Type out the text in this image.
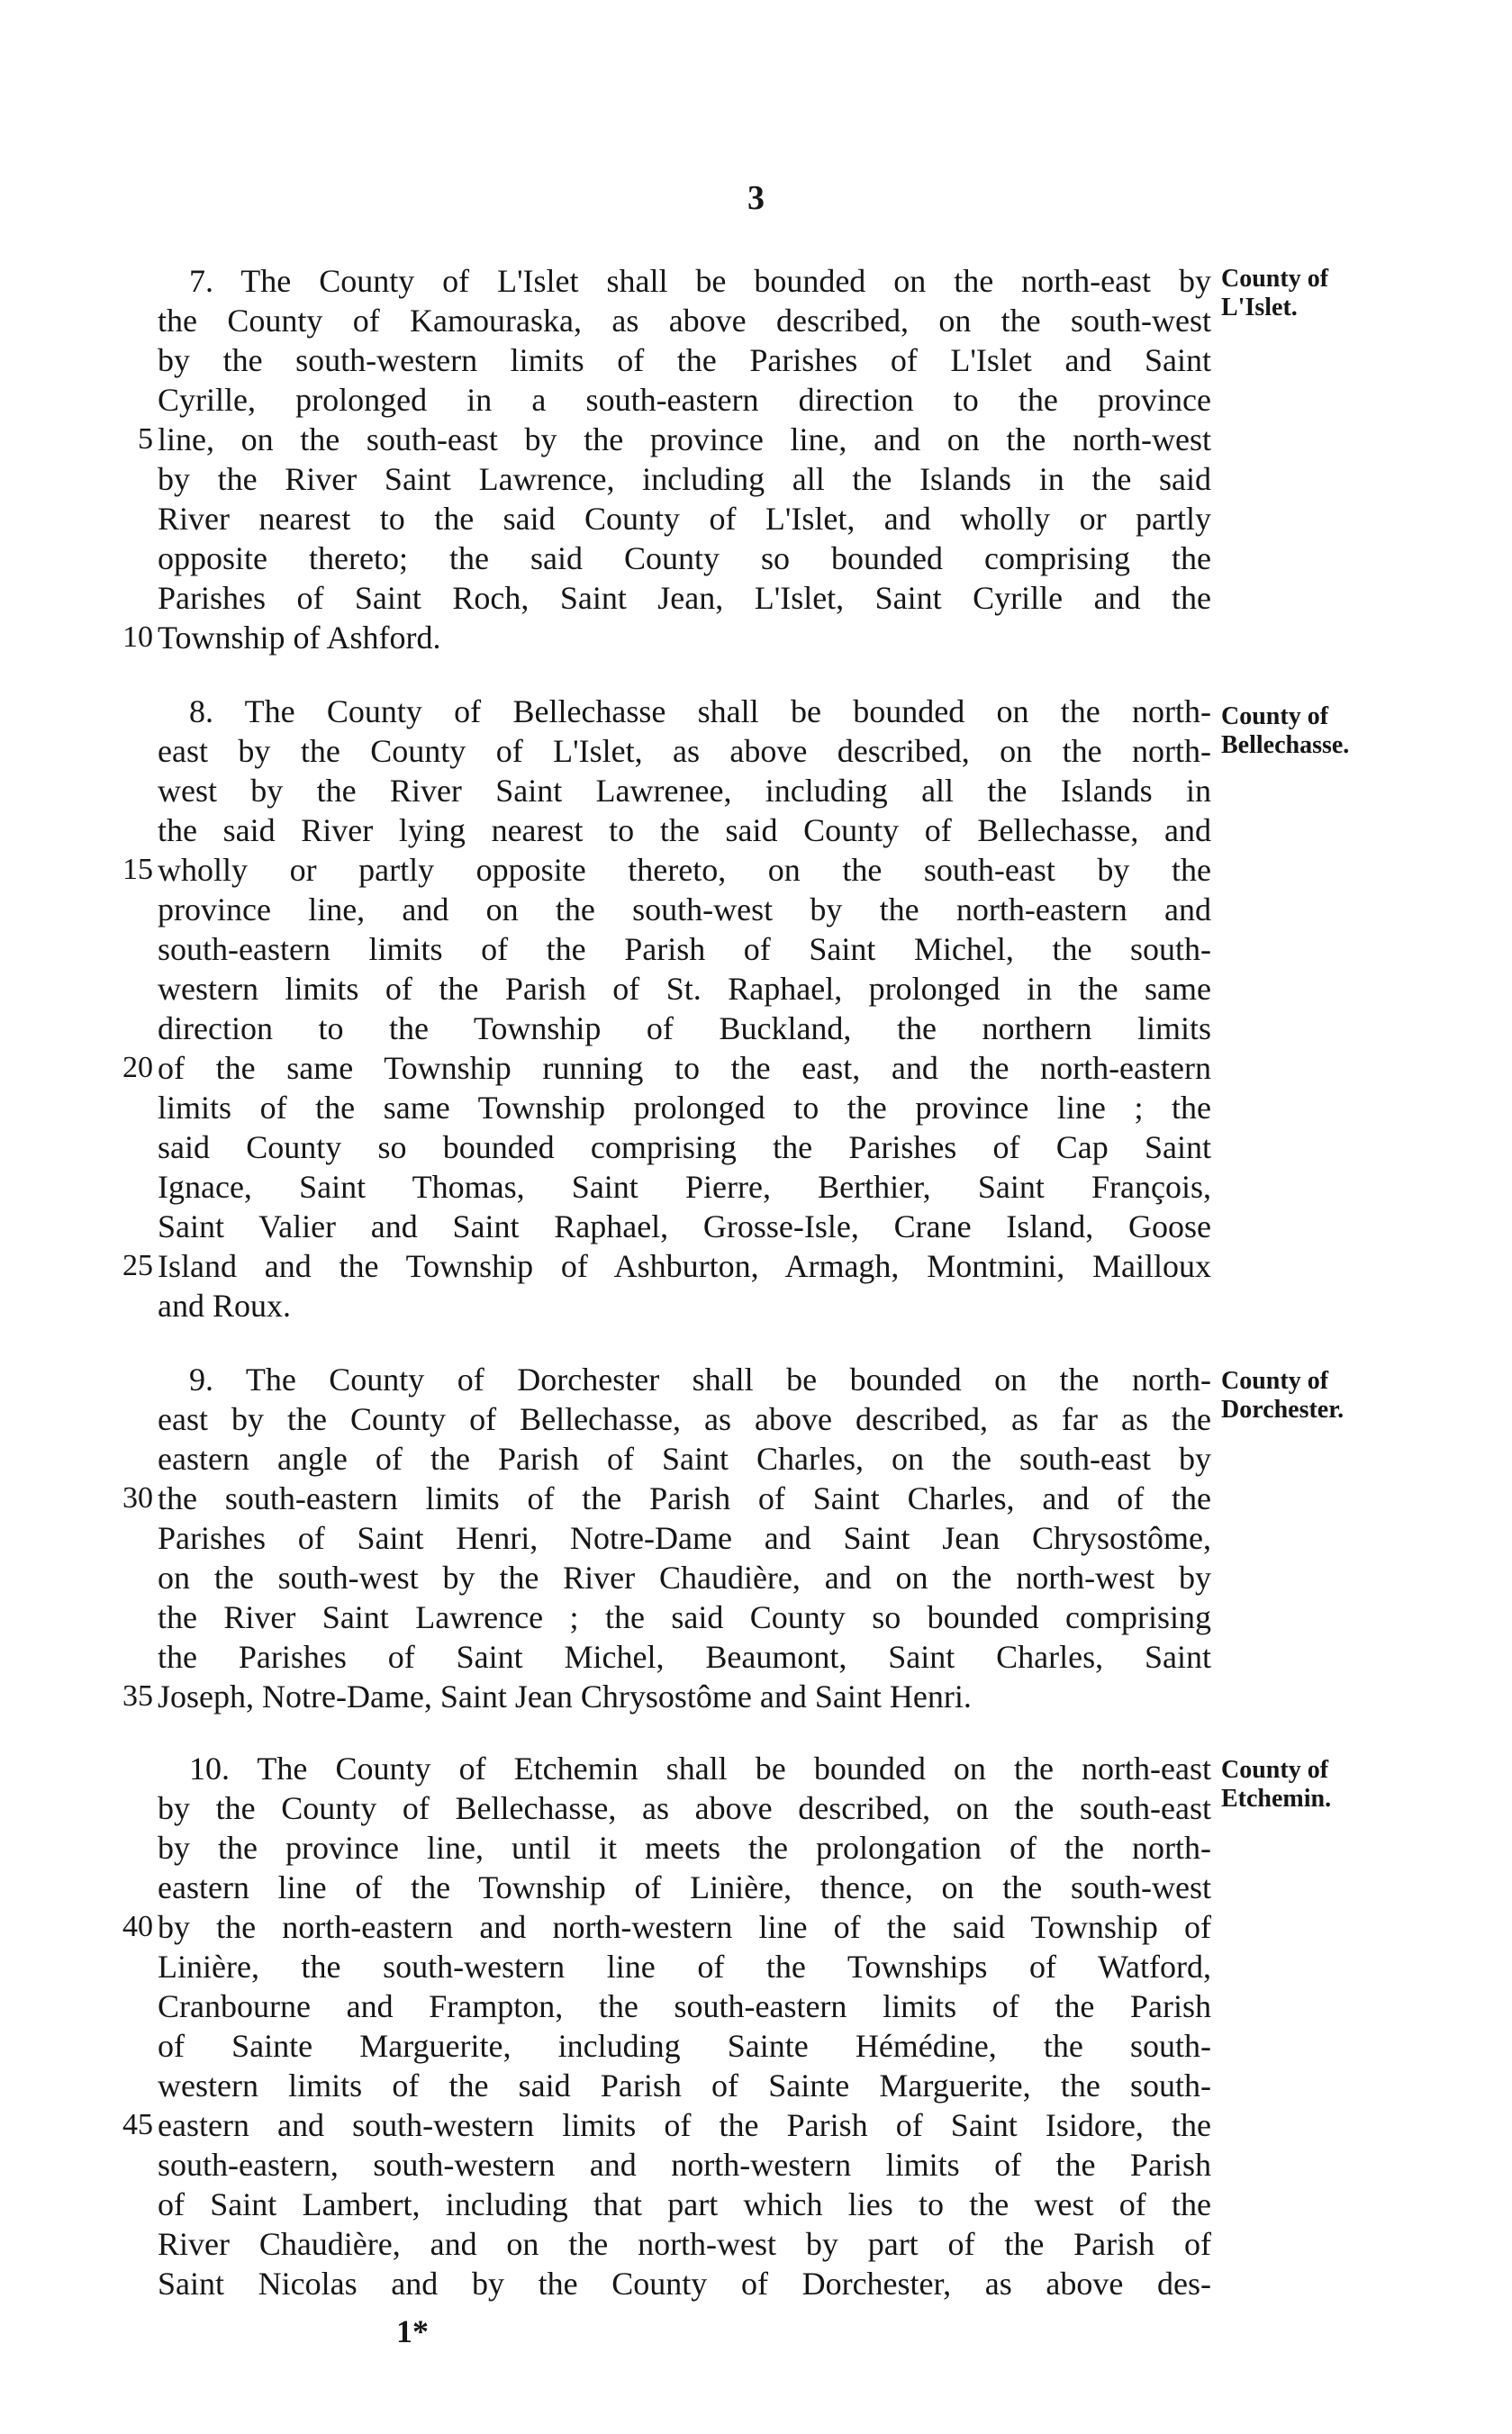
3
County of
L'Islet.
7. The County of L'Islet shall be bounded on the north-east by
the County of Kamouraska, as above described, on the south-west
by the south-western limits of the Parishes of L'Islet and Saint
Cyrille, prolonged in a south-eastern direction to the province
5 line, on the south-east by the province line, and on the north-west
by the River Saint Lawrence, including all the Islands in the said
River nearest to the said County of L'Islet, and wholly or partly
opposite thereto; the said County so bounded comprising the
Parishes of Saint Roch, Saint Jean, L'Islet, Saint Cyrille and the
10 Township of Ashford.
County of
Bellechasse.
8. The County of Bellechasse shall be bounded on the north-
east by the County of L'Islet, as above described, on the north-
west by the River Saint Lawrenee, including all the Islands in
the said River lying nearest to the said County of Bellechasse, and
15 wholly or partly opposite thereto, on the south-east by the
province line, and on the south-west by the north-eastern and
south-eastern limits of the Parish of Saint Michel, the south-
western limits of the Parish of St. Raphael, prolonged in the same
direction to the Township of Buckland, the northern limits
20 of the same Township running to the east, and the north-eastern
limits of the same Township prolonged to the province line ; the
said County so bounded comprising the Parishes of Cap Saint
Ignace, Saint Thomas, Saint Pierre, Berthier, Saint François,
Saint Valier and Saint Raphael, Grosse-Isle, Crane Island, Goose
25 Island and the Township of Ashburton, Armagh, Montmini, Mailloux
and Roux.
County of
Dorchester.
9. The County of Dorchester shall be bounded on the north-
east by the County of Bellechasse, as above described, as far as the
eastern angle of the Parish of Saint Charles, on the south-east by
30 the south-eastern limits of the Parish of Saint Charles, and of the
Parishes of Saint Henri, Notre-Dame and Saint Jean Chrysostôme,
on the south-west by the River Chaudière, and on the north-west by
the River Saint Lawrence ; the said County so bounded comprising
the Parishes of Saint Michel, Beaumont, Saint Charles, Saint
35 Joseph, Notre-Dame, Saint Jean Chrysostôme and Saint Henri.
County of
Etchemin.
10. The County of Etchemin shall be bounded on the north-east
by the County of Bellechasse, as above described, on the south-east
by the province line, until it meets the prolongation of the north-
eastern line of the Township of Linière, thence, on the south-west
40 by the north-eastern and north-western line of the said Township of
Linière, the south-western line of the Townships of Watford,
Cranbourne and Frampton, the south-eastern limits of the Parish
of Sainte Marguerite, including Sainte Hémédine, the south-
western limits of the said Parish of Sainte Marguerite, the south-
45 eastern and south-western limits of the Parish of Saint Isidore, the
south-eastern, south-western and north-western limits of the Parish
of Saint Lambert, including that part which lies to the west of the
River Chaudière, and on the north-west by part of the Parish of
Saint Nicolas and by the County of Dorchester, as above des-
1*
